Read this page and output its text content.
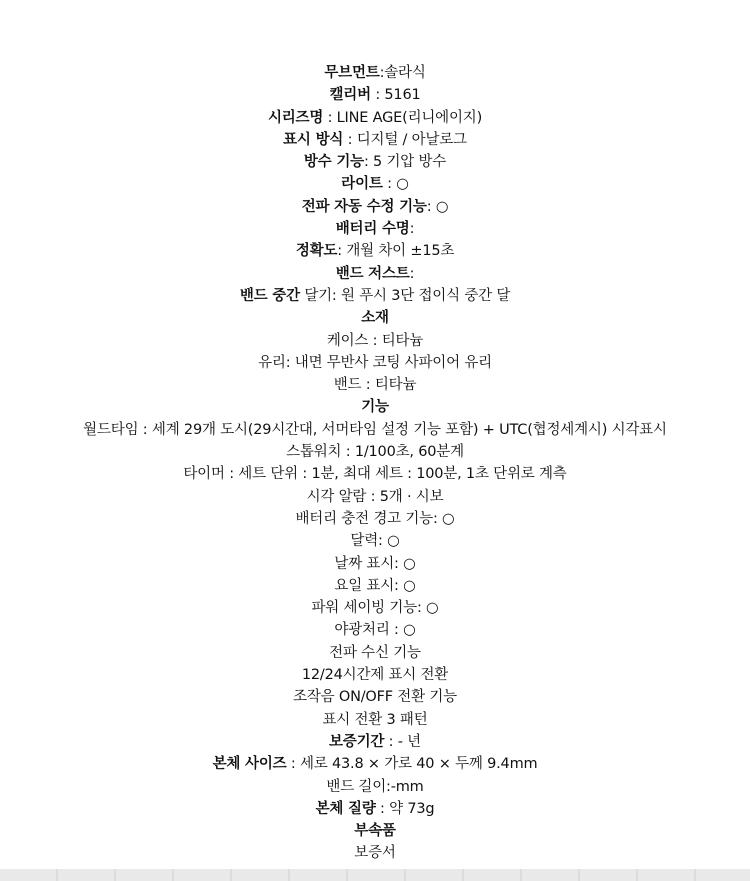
무브먼트:솔라식
캘리버 : 5161
시리즈명 : LINE AGE(리니에이지)
표시 방식 : 디지털 / 아날로그
방수 기능: 5 기압 방수
라이트 : ○
전파 자동 수정 기능: ○
배터리 수명:
정확도: 개월 차이 ±15초
밴드 저스트:
밴드 중간 달기: 원 푸시 3단 접이식 중간 달
소재
케이스 : 티타늄
유리: 내면 무반사 코팅 사파이어 유리
밴드 : 티타늄
기능
월드타임 : 세계 29개 도시(29시간대, 서머타임 설정 기능 포함) + UTC(협정세계시) 시각표시
스톱워치 : 1/100초, 60분계
타이머 : 세트 단위 : 1분, 최대 세트 : 100분, 1초 단위로 계측
시각 알람 : 5개 · 시보
배터리 충전 경고 기능: ○
달력: ○
날짜 표시: ○
요일 표시: ○
파워 세이빙 기능: ○
야광처리 : ○
전파 수신 기능
12/24시간제 표시 전환
조작음 ON/OFF 전환 기능
표시 전환 3 패턴
보증기간 : - 년
본체 사이즈 : 세로 43.8 × 가로 40 × 두께 9.4mm
밴드 길이:-mm
본체 질량 : 약 73g
부속품
보증서
